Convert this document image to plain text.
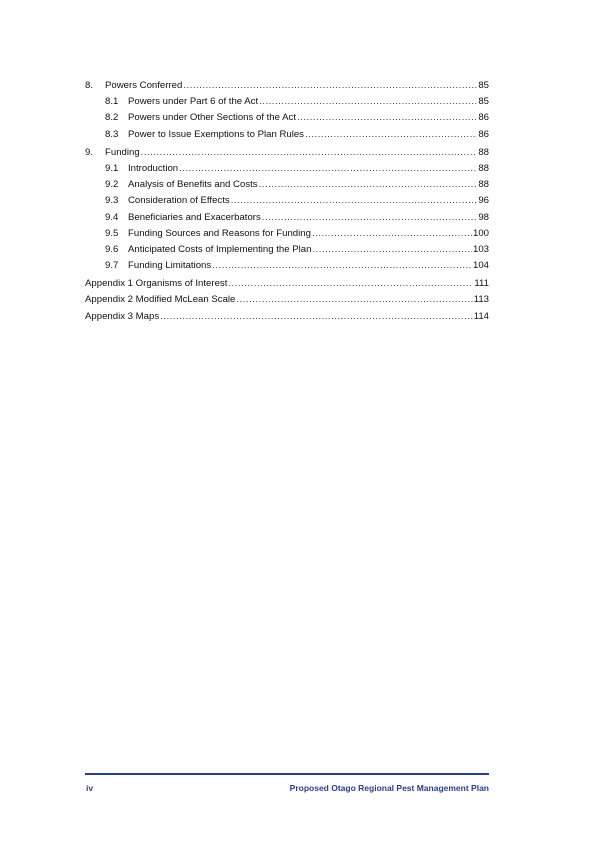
8.	Powers Conferred .....	85
8.1	Powers under Part 6 of the Act .....	85
8.2	Powers under Other Sections of the Act .....	86
8.3	Power to Issue Exemptions to Plan Rules .....	86
9.	Funding .....	88
9.1	Introduction .....	88
9.2	Analysis of Benefits and Costs .....	88
9.3	Consideration of Effects .....	96
9.4	Beneficiaries and Exacerbators .....	98
9.5	Funding Sources and Reasons for Funding .....	100
9.6	Anticipated Costs of Implementing the Plan .....	103
9.7	Funding Limitations .....	104
Appendix 1 Organisms of Interest .....	111
Appendix 2 Modified McLean Scale .....	113
Appendix 3 Maps .....	114
iv	Proposed Otago Regional Pest Management Plan
